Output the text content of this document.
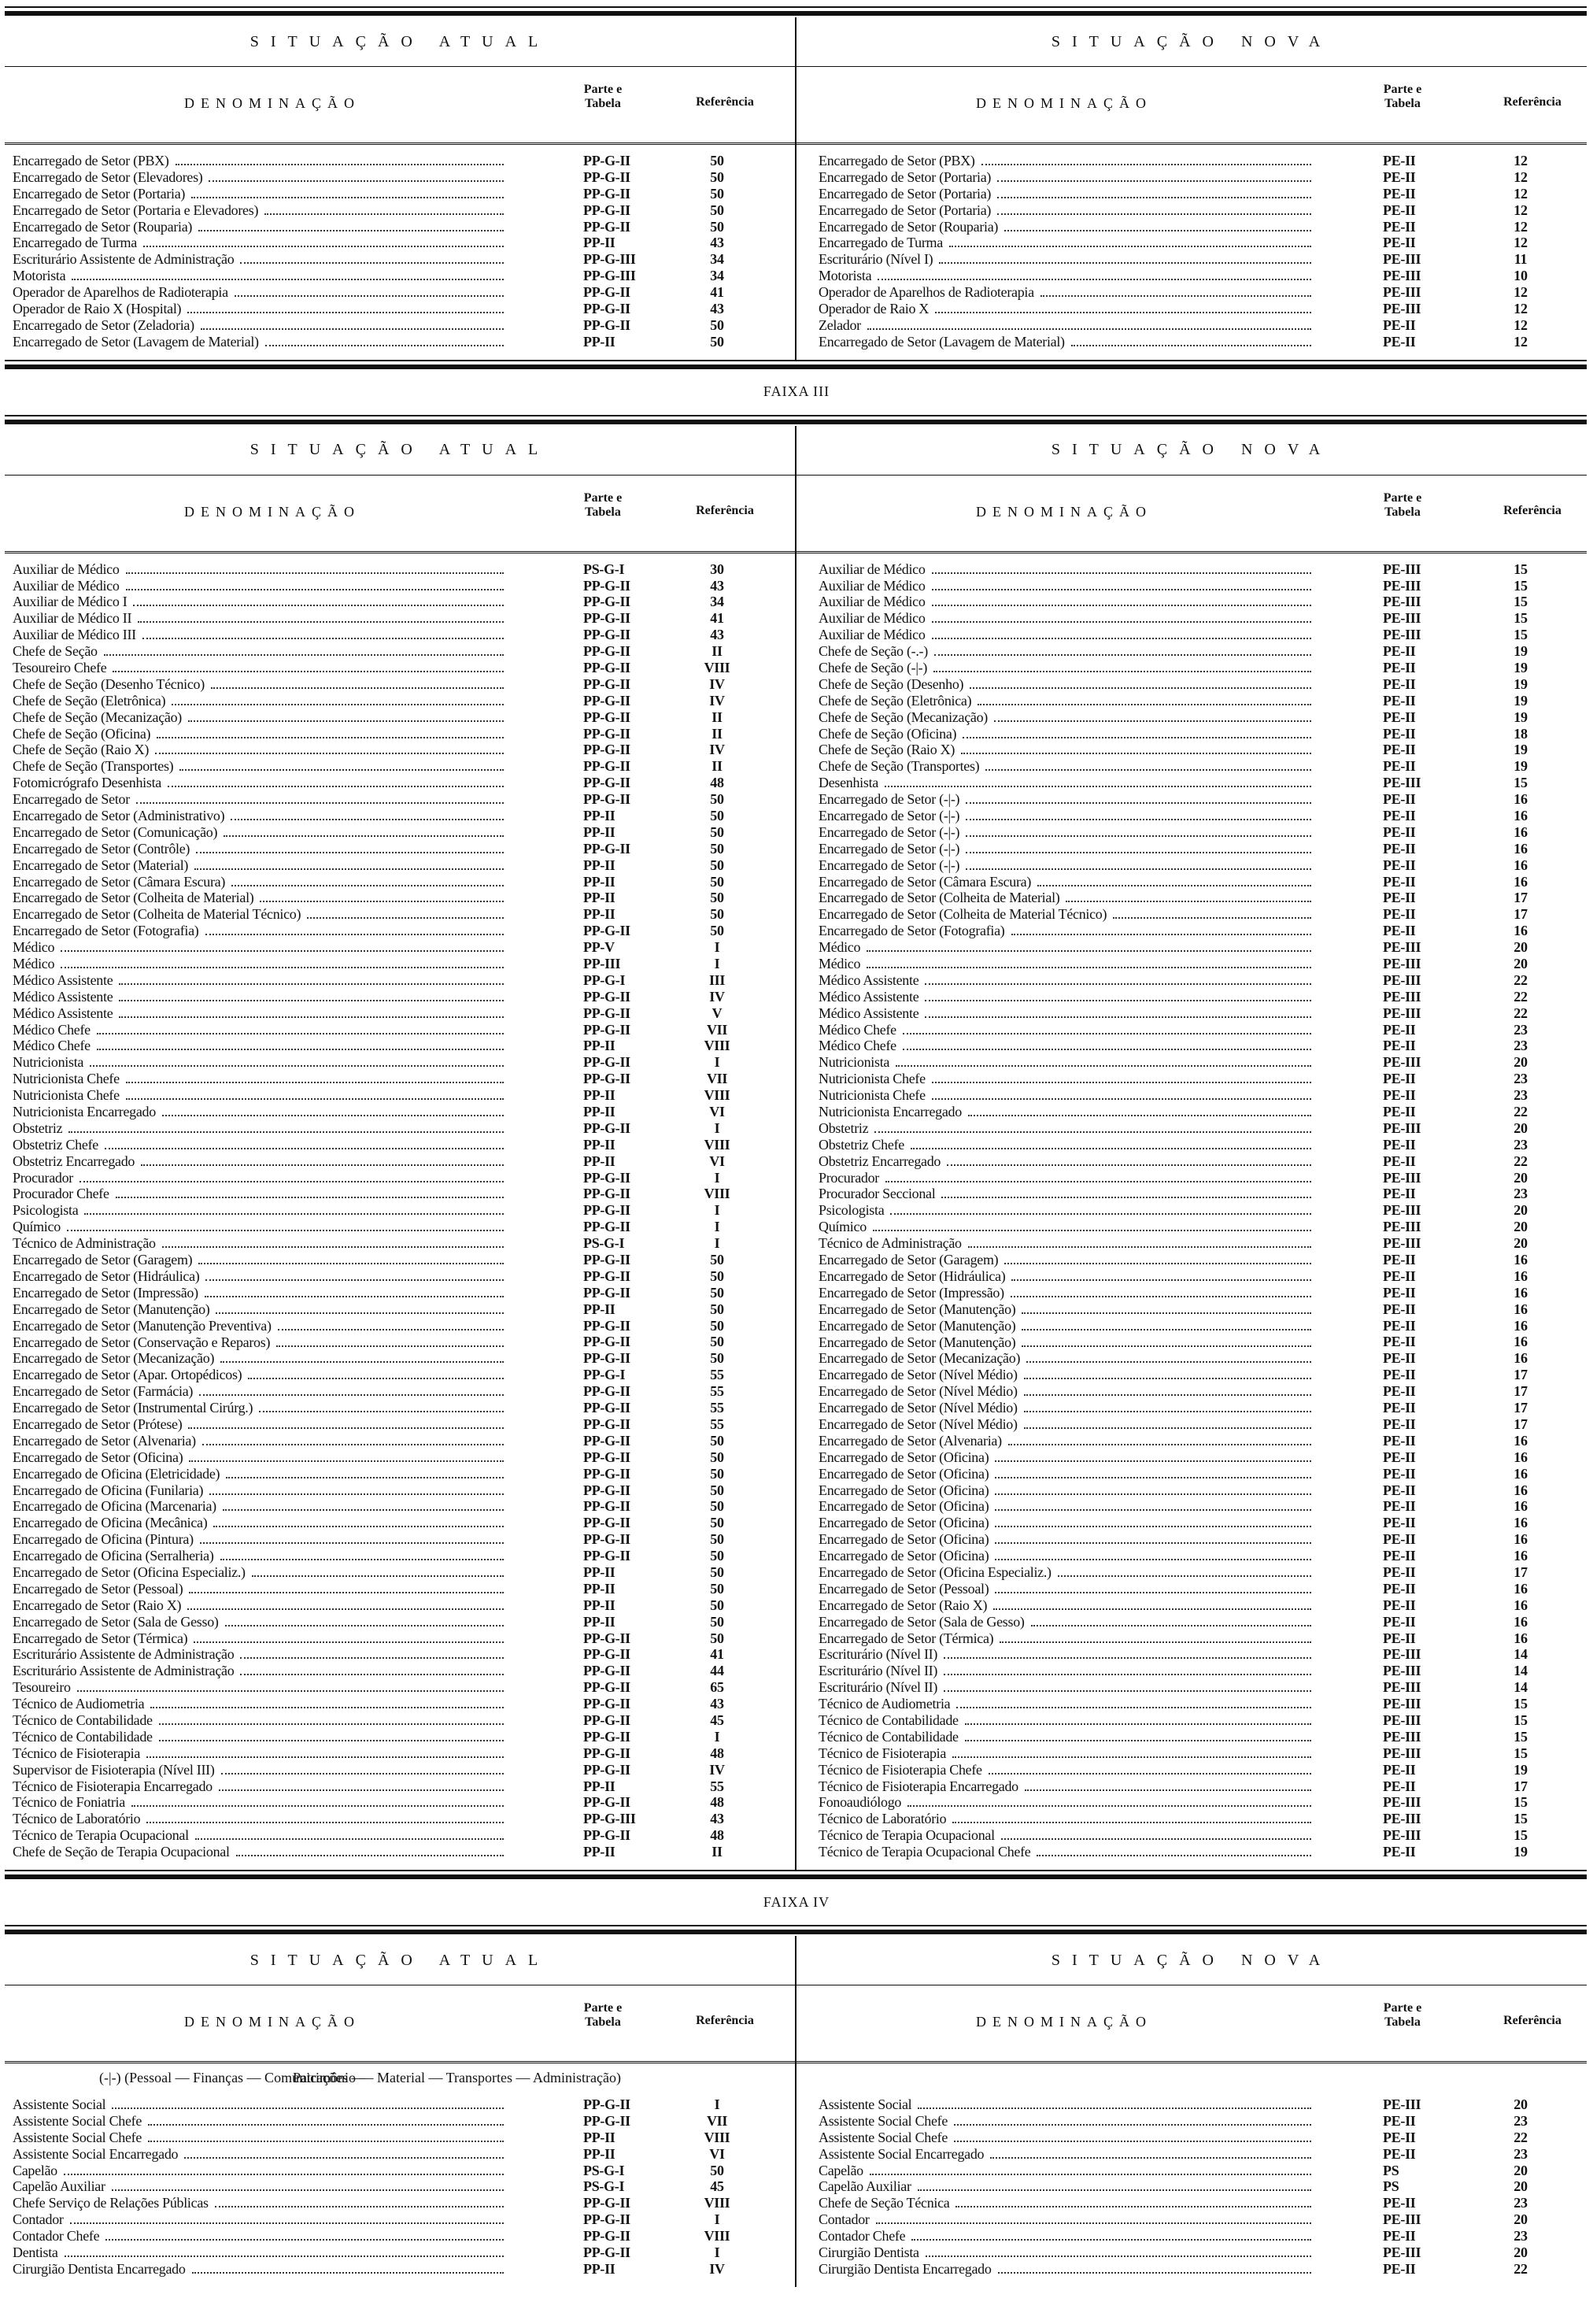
SITUAÇÃO ATUAL
DENOMINAÇÃO
Parte e Tabela	Referência
Encarregado de Setor (PBX)	PP-G-II	50
Encarregado de Setor (Elevadores)	PP-G-II	50
Encarregado de Setor (Portaria)	PP-G-II	50
Encarregado de Setor (Portaria e Elevadores)	PP-G-II	50
Encarregado de Setor (Rouparia)	PP-G-II	50
Encarregado de Turma	PP-II	43
Escriturário Assistente de Administração	PP-G-III	34
Motorista	PP-G-III	34
Operador de Aparelhos de Radioterapia	PP-G-II	41
Operador de Raio X (Hospital)	PP-G-II	43
Encarregado de Setor (Zeladoria)	PP-G-II	50
Encarregado de Setor (Lavagem de Material)	PP-II	50
SITUAÇÃO NOVA
DENOMINAÇÃO
Parte e Tabela	Referência
Encarregado de Setor (PBX)	PE-II	12
Encarregado de Setor (Portaria)	PE-II	12
Encarregado de Setor (Portaria)	PE-II	12
Encarregado de Setor (Portaria)	PE-II	12
Encarregado de Setor (Rouparia)	PE-II	12
Encarregado de Turma	PE-II	12
Escriturário (Nível I)	PE-III	11
Motorista	PE-III	10
Operador de Aparelhos de Radioterapia	PE-III	12
Operador de Raio X	PE-III	12
Zelador	PE-II	12
Encarregado de Setor (Lavagem de Material)	PE-II	12
FAIXA III
SITUAÇÃO ATUAL
DENOMINAÇÃO
Parte e Tabela	Referência
Auxiliar de Médico	PS-G-I	30
Auxiliar de Médico	PP-G-II	43
Auxiliar de Médico I	PP-G-II	34
Auxiliar de Médico II	PP-G-II	41
Auxiliar de Médico III	PP-G-II	43
Chefe de Seção	PP-G-II	II
Tesoureiro Chefe	PP-G-II	VIII
Chefe de Seção (Desenho Técnico)	PP-G-II	IV
Chefe de Seção (Eletrônica)	PP-G-II	IV
Chefe de Seção (Mecanização)	PP-G-II	II
Chefe de Seção (Oficina)	PP-G-II	II
Chefe de Seção (Raio X)	PP-G-II	IV
Chefe de Seção (Transportes)	PP-G-II	II
Fotomicrógrafo Desenhista	PP-G-II	48
Encarregado de Setor	PP-G-II	50
Encarregado de Setor (Administrativo)	PP-II	50
Encarregado de Setor (Comunicação)	PP-II	50
Encarregado de Setor (Contrôle)	PP-G-II	50
Encarregado de Setor (Material)	PP-II	50
Encarregado de Setor (Câmara Escura)	PP-II	50
Encarregado de Setor (Colheita de Material)	PP-II	50
Encarregado de Setor (Colheita de Material Técnico)	PP-II	50
Encarregado de Setor (Fotografia)	PP-G-II	50
Médico	PP-V	I
Médico	PP-III	I
Médico Assistente	PP-G-I	III
Médico Assistente	PP-G-II	IV
Médico Assistente	PP-G-II	V
Médico Chefe	PP-G-II	VII
Médico Chefe	PP-II	VIII
Nutricionista	PP-G-II	I
Nutricionista Chefe	PP-G-II	VII
Nutricionista Chefe	PP-II	VIII
Nutricionista Encarregado	PP-II	VI
Obstetriz	PP-G-II	I
Obstetriz Chefe	PP-II	VIII
Obstetriz Encarregado	PP-II	VI
Procurador	PP-G-II	I
Procurador Chefe	PP-G-II	VIII
Psicologista	PP-G-II	I
Químico	PP-G-II	I
Técnico de Administração	PS-G-I	I
Encarregado de Setor (Garagem)	PP-G-II	50
Encarregado de Setor (Hidráulica)	PP-G-II	50
Encarregado de Setor (Impressão)	PP-G-II	50
Encarregado de Setor (Manutenção)	PP-II	50
Encarregado de Setor (Manutenção Preventiva)	PP-G-II	50
Encarregado de Setor (Conservação e Reparos)	PP-G-II	50
Encarregado de Setor (Mecanização)	PP-G-II	50
Encarregado de Setor (Apar. Ortopédicos)	PP-G-I	55
Encarregado de Setor (Farmácia)	PP-G-II	55
Encarregado de Setor (Instrumental Cirúrg.)	PP-G-II	55
Encarregado de Setor (Prótese)	PP-G-II	55
Encarregado de Setor (Alvenaria)	PP-G-II	50
Encarregado de Setor (Oficina)	PP-G-II	50
Encarregado de Oficina (Eletricidade)	PP-G-II	50
Encarregado de Oficina (Funilaria)	PP-G-II	50
Encarregado de Oficina (Marcenaria)	PP-G-II	50
Encarregado de Oficina (Mecânica)	PP-G-II	50
Encarregado de Oficina (Pintura)	PP-G-II	50
Encarregado de Oficina (Serralheria)	PP-G-II	50
Encarregado de Setor (Oficina Especializ.)	PP-II	50
Encarregado de Setor (Pessoal)	PP-II	50
Encarregado de Setor (Raio X)	PP-II	50
Encarregado de Setor (Sala de Gesso)	PP-II	50
Encarregado de Setor (Térmica)	PP-G-II	50
Escriturário Assistente de Administração	PP-G-II	41
Escriturário Assistente de Administração	PP-G-II	44
Tesoureiro	PP-G-II	65
Técnico de Audiometria	PP-G-II	43
Técnico de Contabilidade	PP-G-II	45
Técnico de Contabilidade	PP-G-II	I
Técnico de Fisioterapia	PP-G-II	48
Supervisor de Fisioterapia (Nível III)	PP-G-II	IV
Técnico de Fisioterapia Encarregado	PP-II	55
Técnico de Foniatria	PP-G-II	48
Técnico de Laboratório	PP-G-III	43
Técnico de Terapia Ocupacional	PP-G-II	48
Chefe de Seção de Terapia Ocupacional	PP-II	II
SITUAÇÃO NOVA
DENOMINAÇÃO
Parte e Tabela	Referência
Auxiliar de Médico	PE-III	15
Auxiliar de Médico	PE-III	15
Auxiliar de Médico	PE-III	15
Auxiliar de Médico	PE-III	15
Auxiliar de Médico	PE-III	15
Chefe de Seção (-.-)	PE-II	19
Chefe de Seção (-|-)	PE-II	19
Chefe de Seção (Desenho)	PE-II	19
Chefe de Seção (Eletrônica)	PE-II	19
Chefe de Seção (Mecanização)	PE-II	19
Chefe de Seção (Oficina)	PE-II	18
Chefe de Seção (Raio X)	PE-II	19
Chefe de Seção (Transportes)	PE-II	19
Desenhista	PE-III	15
Encarregado de Setor (-|-)	PE-II	16
Encarregado de Setor (-|-)	PE-II	16
Encarregado de Setor (-|-)	PE-II	16
Encarregado de Setor (-|-)	PE-II	16
Encarregado de Setor (-|-)	PE-II	16
Encarregado de Setor (Câmara Escura)	PE-II	16
Encarregado de Setor (Colheita de Material)	PE-II	17
Encarregado de Setor (Colheita de Material Técnico)	PE-II	17
Encarregado de Setor (Fotografia)	PE-II	16
Médico	PE-III	20
Médico	PE-III	20
Médico Assistente	PE-III	22
Médico Assistente	PE-III	22
Médico Assistente	PE-III	22
Médico Chefe	PE-II	23
Médico Chefe	PE-II	23
Nutricionista	PE-III	20
Nutricionista Chefe	PE-II	23
Nutricionista Chefe	PE-II	23
Nutricionista Encarregado	PE-II	22
Obstetriz	PE-III	20
Obstetriz Chefe	PE-II	23
Obstetriz Encarregado	PE-II	22
Procurador	PE-III	20
Procurador Seccional	PE-II	23
Psicologista	PE-III	20
Químico	PE-III	20
Técnico de Administração	PE-III	20
Encarregado de Setor (Garagem)	PE-II	16
Encarregado de Setor (Hidráulica)	PE-II	16
Encarregado de Setor (Impressão)	PE-II	16
Encarregado de Setor (Manutenção)	PE-II	16
Encarregado de Setor (Manutenção)	PE-II	16
Encarregado de Setor (Manutenção)	PE-II	16
Encarregado de Setor (Mecanização)	PE-II	16
Encarregado de Setor (Nível Médio)	PE-II	17
Encarregado de Setor (Nível Médio)	PE-II	17
Encarregado de Setor (Nível Médio)	PE-II	17
Encarregado de Setor (Nível Médio)	PE-II	17
Encarregado de Setor (Alvenaria)	PE-II	16
Encarregado de Setor (Oficina)	PE-II	16
Encarregado de Setor (Oficina)	PE-II	16
Encarregado de Setor (Oficina)	PE-II	16
Encarregado de Setor (Oficina)	PE-II	16
Encarregado de Setor (Oficina)	PE-II	16
Encarregado de Setor (Oficina)	PE-II	16
Encarregado de Setor (Oficina)	PE-II	16
Encarregado de Setor (Oficina Especializ.)	PE-II	17
Encarregado de Setor (Pessoal)	PE-II	16
Encarregado de Setor (Raio X)	PE-II	16
Encarregado de Setor (Sala de Gesso)	PE-II	16
Encarregado de Setor (Térmica)	PE-II	16
Escriturário (Nível II)	PE-III	14
Escriturário (Nível II)	PE-III	14
Escriturário (Nível II)	PE-III	14
Técnico de Audiometria	PE-III	15
Técnico de Contabilidade	PE-III	15
Técnico de Contabilidade	PE-III	15
Técnico de Fisioterapia	PE-III	15
Técnico de Fisioterapia Chefe	PE-II	19
Técnico de Fisioterapia Encarregado	PE-II	17
Fonoaudiólogo	PE-III	15
Técnico de Laboratório	PE-III	15
Técnico de Terapia Ocupacional	PE-III	15
Técnico de Terapia Ocupacional Chefe	PE-II	19
FAIXA IV
SITUAÇÃO ATUAL
DENOMINAÇÃO
Parte e Tabela	Referência
(-|-) (Pessoal — Finanças — Comunicações —
Assistente Social	PP-G-II	I
Assistente Social Chefe	PP-G-II	VII
Assistente Social Chefe	PP-II	VIII
Assistente Social Encarregado	PP-II	VI
Capelão	PS-G-I	50
Capelão Auxiliar	PS-G-I	45
Chefe Serviço de Relações Públicas	PP-G-II	VIII
Contador	PP-G-II	I
Contador Chefe	PP-G-II	VIII
Dentista	PP-G-II	I
Cirurgião Dentista Encarregado	PP-II	IV
SITUAÇÃO NOVA
DENOMINAÇÃO
Parte e Tabela	Referência
Patrimônio — Material — Transportes — Administração)
Assistente Social	PE-III	20
Assistente Social Chefe	PE-II	23
Assistente Social Chefe	PE-II	22
Assistente Social Encarregado	PE-II	23
Capelão	PS	20
Capelão Auxiliar	PS	20
Chefe de Seção Técnica	PE-II	23
Contador	PE-III	20
Contador Chefe	PE-II	23
Cirurgião Dentista	PE-III	20
Cirurgião Dentista Encarregado	PE-II	22
